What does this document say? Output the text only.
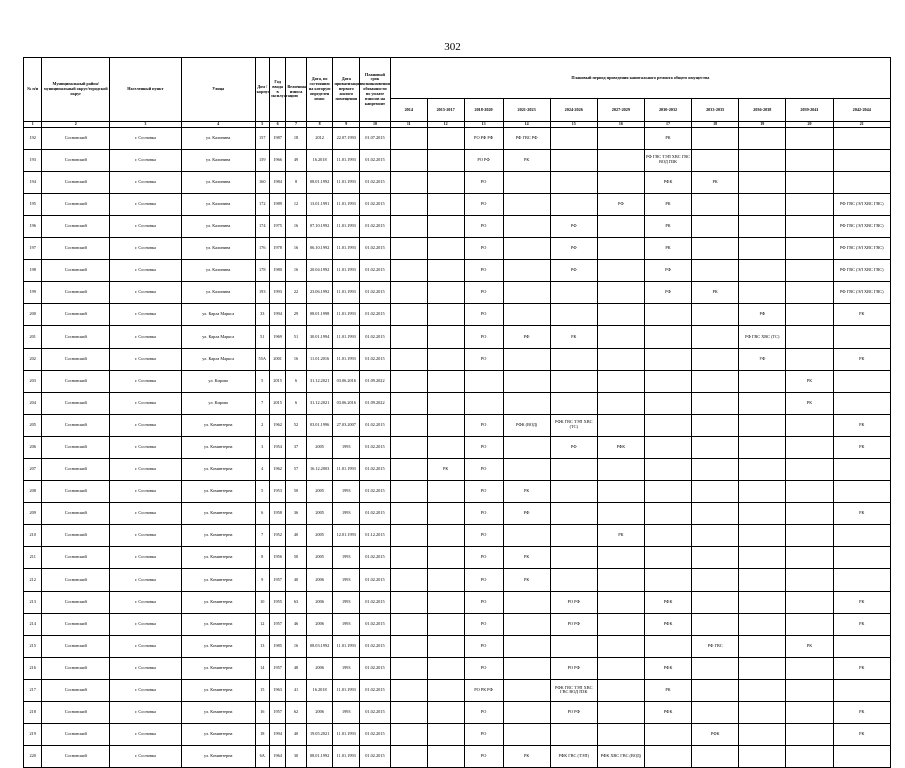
302
№ п/п	Муниципальный район/ муниципальный округ/городской округ	Населенный пункт	Улица	Дом / корпус	Год ввода в эксплуатацию	Величина износа	Дата, по состоянию на которую определен износ	Дата приватизации первого жилого помещения	Плановый срок возникновения обязанности по уплате взносов на капремонт	Плановый период проведения капитального ремонта общего имущества										
										2014	2015-2017	2018-2020	2021-2023	2024-2026	2027-2029	2030-2032	2033-2035	2036-2038	2039-2041	2042-2044
1	2	3	4	5	6	7	8	9	10	11	12	13	14	15	16	17	18	19	20	21
192	Сосновский	г. Сосновка	ул. Калинина	157	1987	18	2012	22.07.1993	01.07.2015			РО РФ РФ	РФ ГВС РФ			РК				
193	Сосновский	г. Сосновка	ул. Калинина	159	1966	49	16.2018	11.01.1993	01.02.2015			РО РФ	РК			РФ ГВС ТЭП ХВС ГВС ВОД ПЗК				
194	Сосновский	г. Сосновка	ул. Калинина	160	1984	8	08.01.1992	11.01.1993	01.02.2015			РО				РФК	РК			
195	Сосновский	г. Сосновка	ул. Калинина	172	1989	12	13.01.1991	11.01.1993	01.02.2015			РО			РФ	РК				РФ ГВС (ЭЛ ХВС ГВС)
196	Сосновский	г. Сосновка	ул. Калинина	174	1975	16	07.10.1992	11.01.1993	01.02.2015			РО		РФ		РК				РФ ГВС (ЭЛ ХВС ГВС)
197	Сосновский	г. Сосновка	ул. Калинина	176	1978	16	06.10.1992	11.01.1993	01.02.2015			РО		РФ		РК				РФ ГВС (ЭЛ ХВС ГВС)
198	Сосновский	г. Сосновка	ул. Калинина	178	1980	16	20.04.1992	11.01.1993	01.02.2015			РО		РФ		РФ				РФ ГВС (ЭЛ ХВС ГВС)
199	Сосновский	г. Сосновка	ул. Калинина	193	1993	22	23.06.1992	11.01.1993	01.02.2015			РО				РФ	РК			РФ ГВС (ЭЛ ХВС ГВС)
200	Сосновский	г. Сосновка	ул. Карла Маркса	33	1994	29	08.01.1998	11.01.1993	01.02.2015			РО						РФ		РК
201	Сосновский	г. Сосновка	ул. Карла Маркса	51	1969	51	30.01.1994	11.01.1993	01.02.2015			РО	РФ	РК				РФ ГВС ХВС (ТС)		
202	Сосновский	г. Сосновка	ул. Карла Маркса	55А	2001	16	11.01.2016	11.01.1993	01.02.2015			РО						УФ		РК
203	Сосновский	г. Сосновка	ул. Кирова	5	2015	6	31.12.2021	03.06.2016	01.09.2022										РК	
204	Сосновский	г. Сосновка	ул. Кирова	7	2015	6	31.12.2021	03.06.2016	01.09.2022										РК	
205	Сосновский	г. Сосновка	ул. Коминтерна	2	1962	52	03.01.1996	27.03.2007	01.02.2015			РО	РФК (ВОД)	РФК ГВС ТЭП ХВС (ТС)						РК
206	Сосновский	г. Сосновка	ул. Коминтерна	3	1954	37	2005	1993	01.02.2015			РО		РФ	РФК					РК
207	Сосновский	г. Сосновка	ул. Коминтерна	4	1962	57	16.12.2003	11.01.1993	01.02.2015		РК	РО								
208	Сосновский	г. Сосновка	ул. Коминтерна	5	1953	50	2005	1993	01.02.2015			РО	РК							
209	Сосновский	г. Сосновка	ул. Коминтерна	6	1958	36	2005	1993	01.02.2015			РО	РФ							РК
210	Сосновский	г. Сосновка	ул. Коминтерна	7	1952	40	2005	12.01.1993	01.12.2015			РО			РК					
211	Сосновский	г. Сосновка	ул. Коминтерна	8	1956	50	2005	1993	01.02.2015			РО	РК							
212	Сосновский	г. Сосновка	ул. Коминтерна	9	1957	40	2006	1993	01.02.2015			РО	РК							
213	Сосновский	г. Сосновка	ул. Коминтерна	10	1955	63	2006	1993	01.02.2015			РО		РО РФ		РФК				РК
214	Сосновский	г. Сосновка	ул. Коминтерна	12	1957	46	2006	1993	01.02.2015			РО		РО РФ		РФК				РК
215	Сосновский	г. Сосновка	ул. Коминтерна	13	1985	16	08.03.1992	11.01.1993	01.02.2015			РО					РФ ГВС		РК	
216	Сосновский	г. Сосновка	ул. Коминтерна	14	1957	48	2006	1993	01.02.2015			РО		РО РФ		РФК				РК
217	Сосновский	г. Сосновка	ул. Коминтерна	15	1963	41	16.2018	11.01.1993	01.02.2015			РО РК РФ		РФК ГВС ТЭП ХВС ГВС ВОД ПЗК		РК				
218	Сосновский	г. Сосновка	ул. Коминтерна	16	1957	62	2006	1993	01.02.2015			РО		РО РФ		РФК				РК
219	Сосновский	г. Сосновка	ул. Коминтерна	18	1994	40	19.05.2021	11.01.1993	01.02.2015			РО					РФК			РК
220	Сосновский	г. Сосновка	ул. Коминтерна	6А	1964	30	08.01.1992	11.01.1993	01.02.2015			РО	РК	РФК ГВС (ТЭП)	РФК ХВС ГВС (ВОД)					
